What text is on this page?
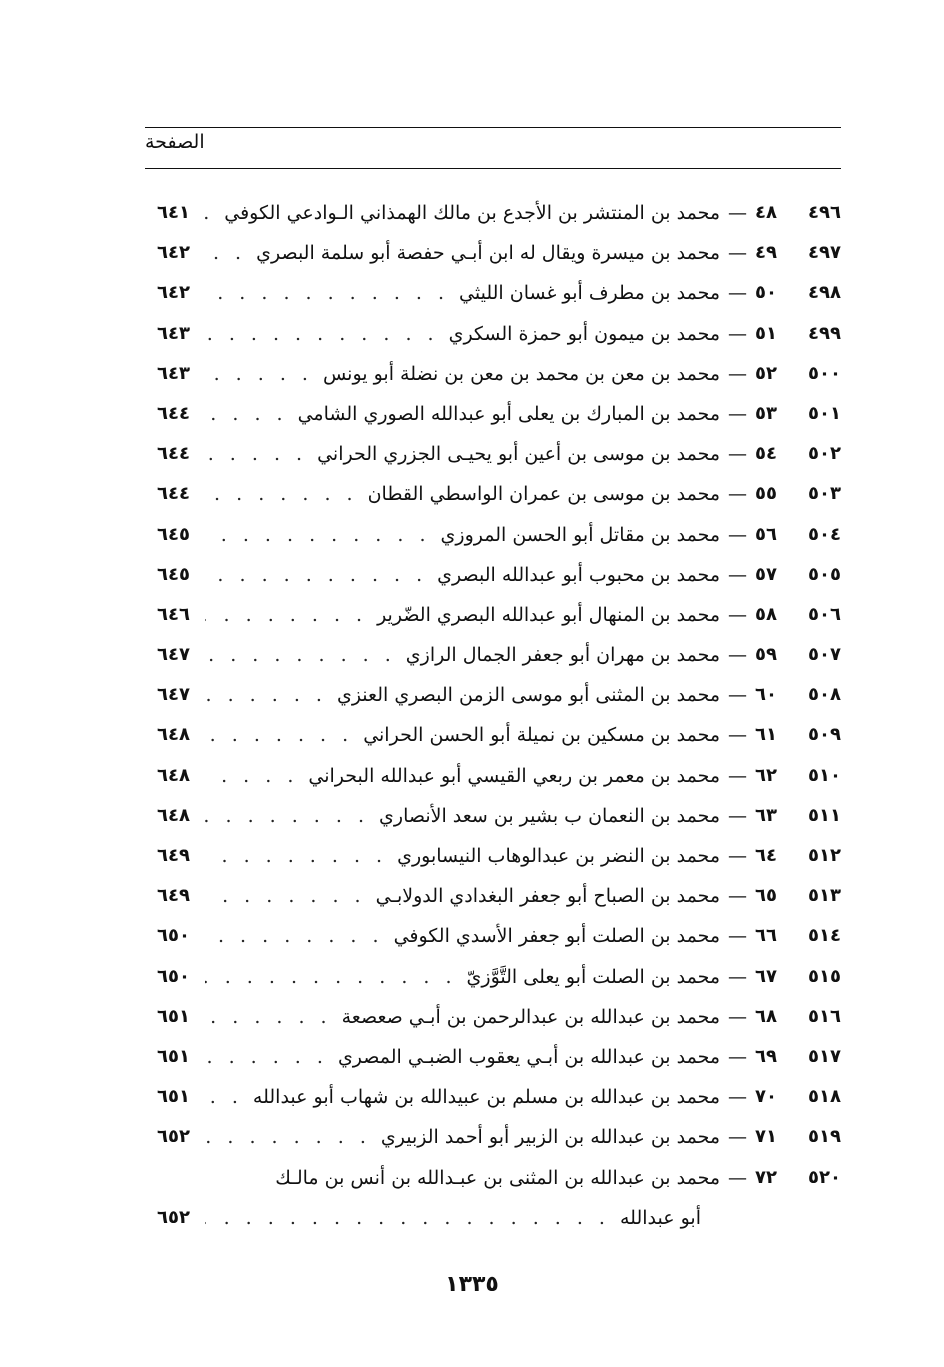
الصفحة
٤٩٦
٤٨
—
محمد بن المنتشر بن الأجدع بن مالك الهمذاني الـوادعي الكوفي
. . .
٦٤١
٤٩٧
٤٩
—
محمد بن ميسرة ويقال له ابن أبـي حفصة أبو سلمة البصري
. . .
٦٤٢
٤٩٨
٥٠
—
محمد بن مطرف أبو غسان الليثي
. . .
٦٤٢
٤٩٩
٥١
—
محمد بن ميمون أبو حمزة السكري
. . .
٦٤٣
٥٠٠
٥٢
—
محمد بن معن بن محمد بن معن بن نضلة أبو يونس
. . .
٦٤٣
٥٠١
٥٣
—
محمد بن المبارك بن يعلى أبو عبدالله الصوري الشامي
. . .
٦٤٤
٥٠٢
٥٤
—
محمد بن موسى بن أعين أبو يحيـى الجزري الحراني
. . .
٦٤٤
٥٠٣
٥٥
—
محمد بن موسى بن عمران الواسطي القطان
. . .
٦٤٤
٥٠٤
٥٦
—
محمد بن مقاتل أبو الحسن المروزي
. . .
٦٤٥
٥٠٥
٥٧
—
محمد بن محبوب أبو عبدالله البصري
. . .
٦٤٥
٥٠٦
٥٨
—
محمد بن المنهال أبو عبدالله البصري الضّرير
. . .
٦٤٦
٥٠٧
٥٩
—
محمد بن مهران أبو جعفر الجمال الرازي
. . .
٦٤٧
٥٠٨
٦٠
—
محمد بن المثنى أبو موسى الزمن البصري العنزي
. . .
٦٤٧
٥٠٩
٦١
—
محمد بن مسكين بن نميلة أبو الحسن الحراني
. . .
٦٤٨
٥١٠
٦٢
—
محمد بن معمر بن ربعي القيسي أبو عبدالله البحراني
. . .
٦٤٨
٥١١
٦٣
—
محمد بن النعمان ب بشير بن سعد الأنصاري
. . .
٦٤٨
٥١٢
٦٤
—
محمد بن النضر بن عبدالوهاب النيسابوري
. . .
٦٤٩
٥١٣
٦٥
—
محمد بن الصباح أبو جعفر البغدادي الدولابـي
. . .
٦٤٩
٥١٤
٦٦
—
محمد بن الصلت أبو جعفر الأسدي الكوفي
. . .
٦٥٠
٥١٥
٦٧
—
محمد بن الصلت أبو يعلى التَّوَّزيّ
. . .
٦٥٠
٥١٦
٦٨
—
محمد بن عبدالله بن عبدالرحمن بن أبـي صعصعة
. . .
٦٥١
٥١٧
٦٩
—
محمد بن عبدالله بن أبـي يعقوب الضبـي المصري
. . .
٦٥١
٥١٨
٧٠
—
محمد بن عبدالله بن مسلم بن عبيدالله بن شهاب أبو عبدالله
. . .
٦٥١
٥١٩
٧١
—
محمد بن عبدالله بن الزبير أبو أحمد الزبيري
. . .
٦٥٢
٥٢٠
٧٢
—
محمد بن عبدالله بن المثنى بن عبـدالله بن أنس بن مالـك
أبو عبدالله
. . .
٦٥٢
١٣٣٥
